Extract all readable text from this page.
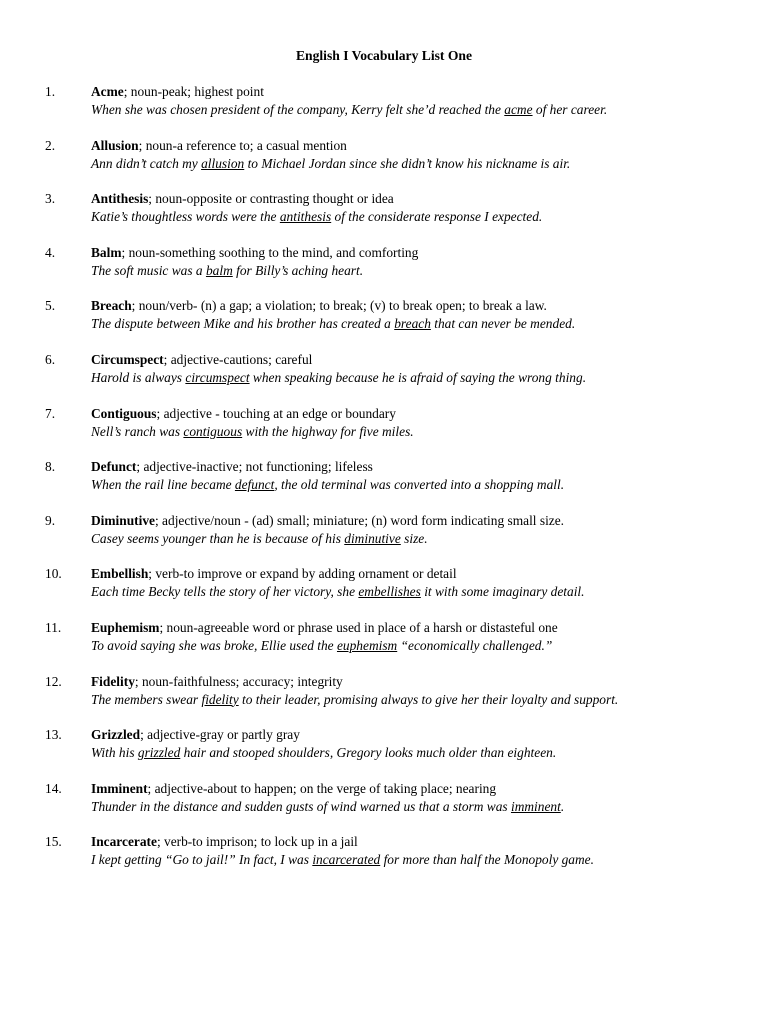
English I Vocabulary List One
1.	Acme; noun-peak; highest point
When she was chosen president of the company, Kerry felt she’d reached the acme of her career.
2.	Allusion; noun-a reference to; a casual mention
Ann didn’t catch my allusion to Michael Jordan since she didn’t know his nickname is air.
3.	Antithesis; noun-opposite or contrasting thought or idea
Katie’s thoughtless words were the antithesis of the considerate response I expected.
4.	Balm; noun-something soothing to the mind, and comforting
The soft music was a balm for Billy’s aching heart.
5.	Breach; noun/verb- (n) a gap; a violation; to break; (v) to break open; to break a law.
The dispute between Mike and his brother has created a breach that can never be mended.
6.	Circumspect; adjective-cautions; careful
Harold is always circumspect when speaking because he is afraid of saying the wrong thing.
7.	Contiguous; adjective - touching at an edge or boundary
Nell’s ranch was contiguous with the highway for five miles.
8.	Defunct; adjective-inactive; not functioning; lifeless
When the rail line became defunct, the old terminal was converted into a shopping mall.
9.	Diminutive; adjective/noun - (ad) small; miniature; (n) word form indicating small size.
Casey seems younger than he is because of his diminutive size.
10. Embellish; verb-to improve or expand by adding ornament or detail
Each time Becky tells the story of her victory, she embellishes it with some imaginary detail.
11. Euphemism; noun-agreeable word or phrase used in place of a harsh or distasteful one
To avoid saying she was broke, Ellie used the euphemism “economically challenged.”
12. Fidelity; noun-faithfulness; accuracy; integrity
The members swear fidelity to their leader, promising always to give her their loyalty and support.
13. Grizzled; adjective-gray or partly gray
With his grizzled hair and stooped shoulders, Gregory looks much older than eighteen.
14. Imminent; adjective-about to happen; on the verge of taking place; nearing
Thunder in the distance and sudden gusts of wind warned us that a storm was imminent.
15. Incarcerate; verb-to imprison; to lock up in a jail
I kept getting “Go to jail!” In fact, I was incarcerated for more than half the Monopoly game.
